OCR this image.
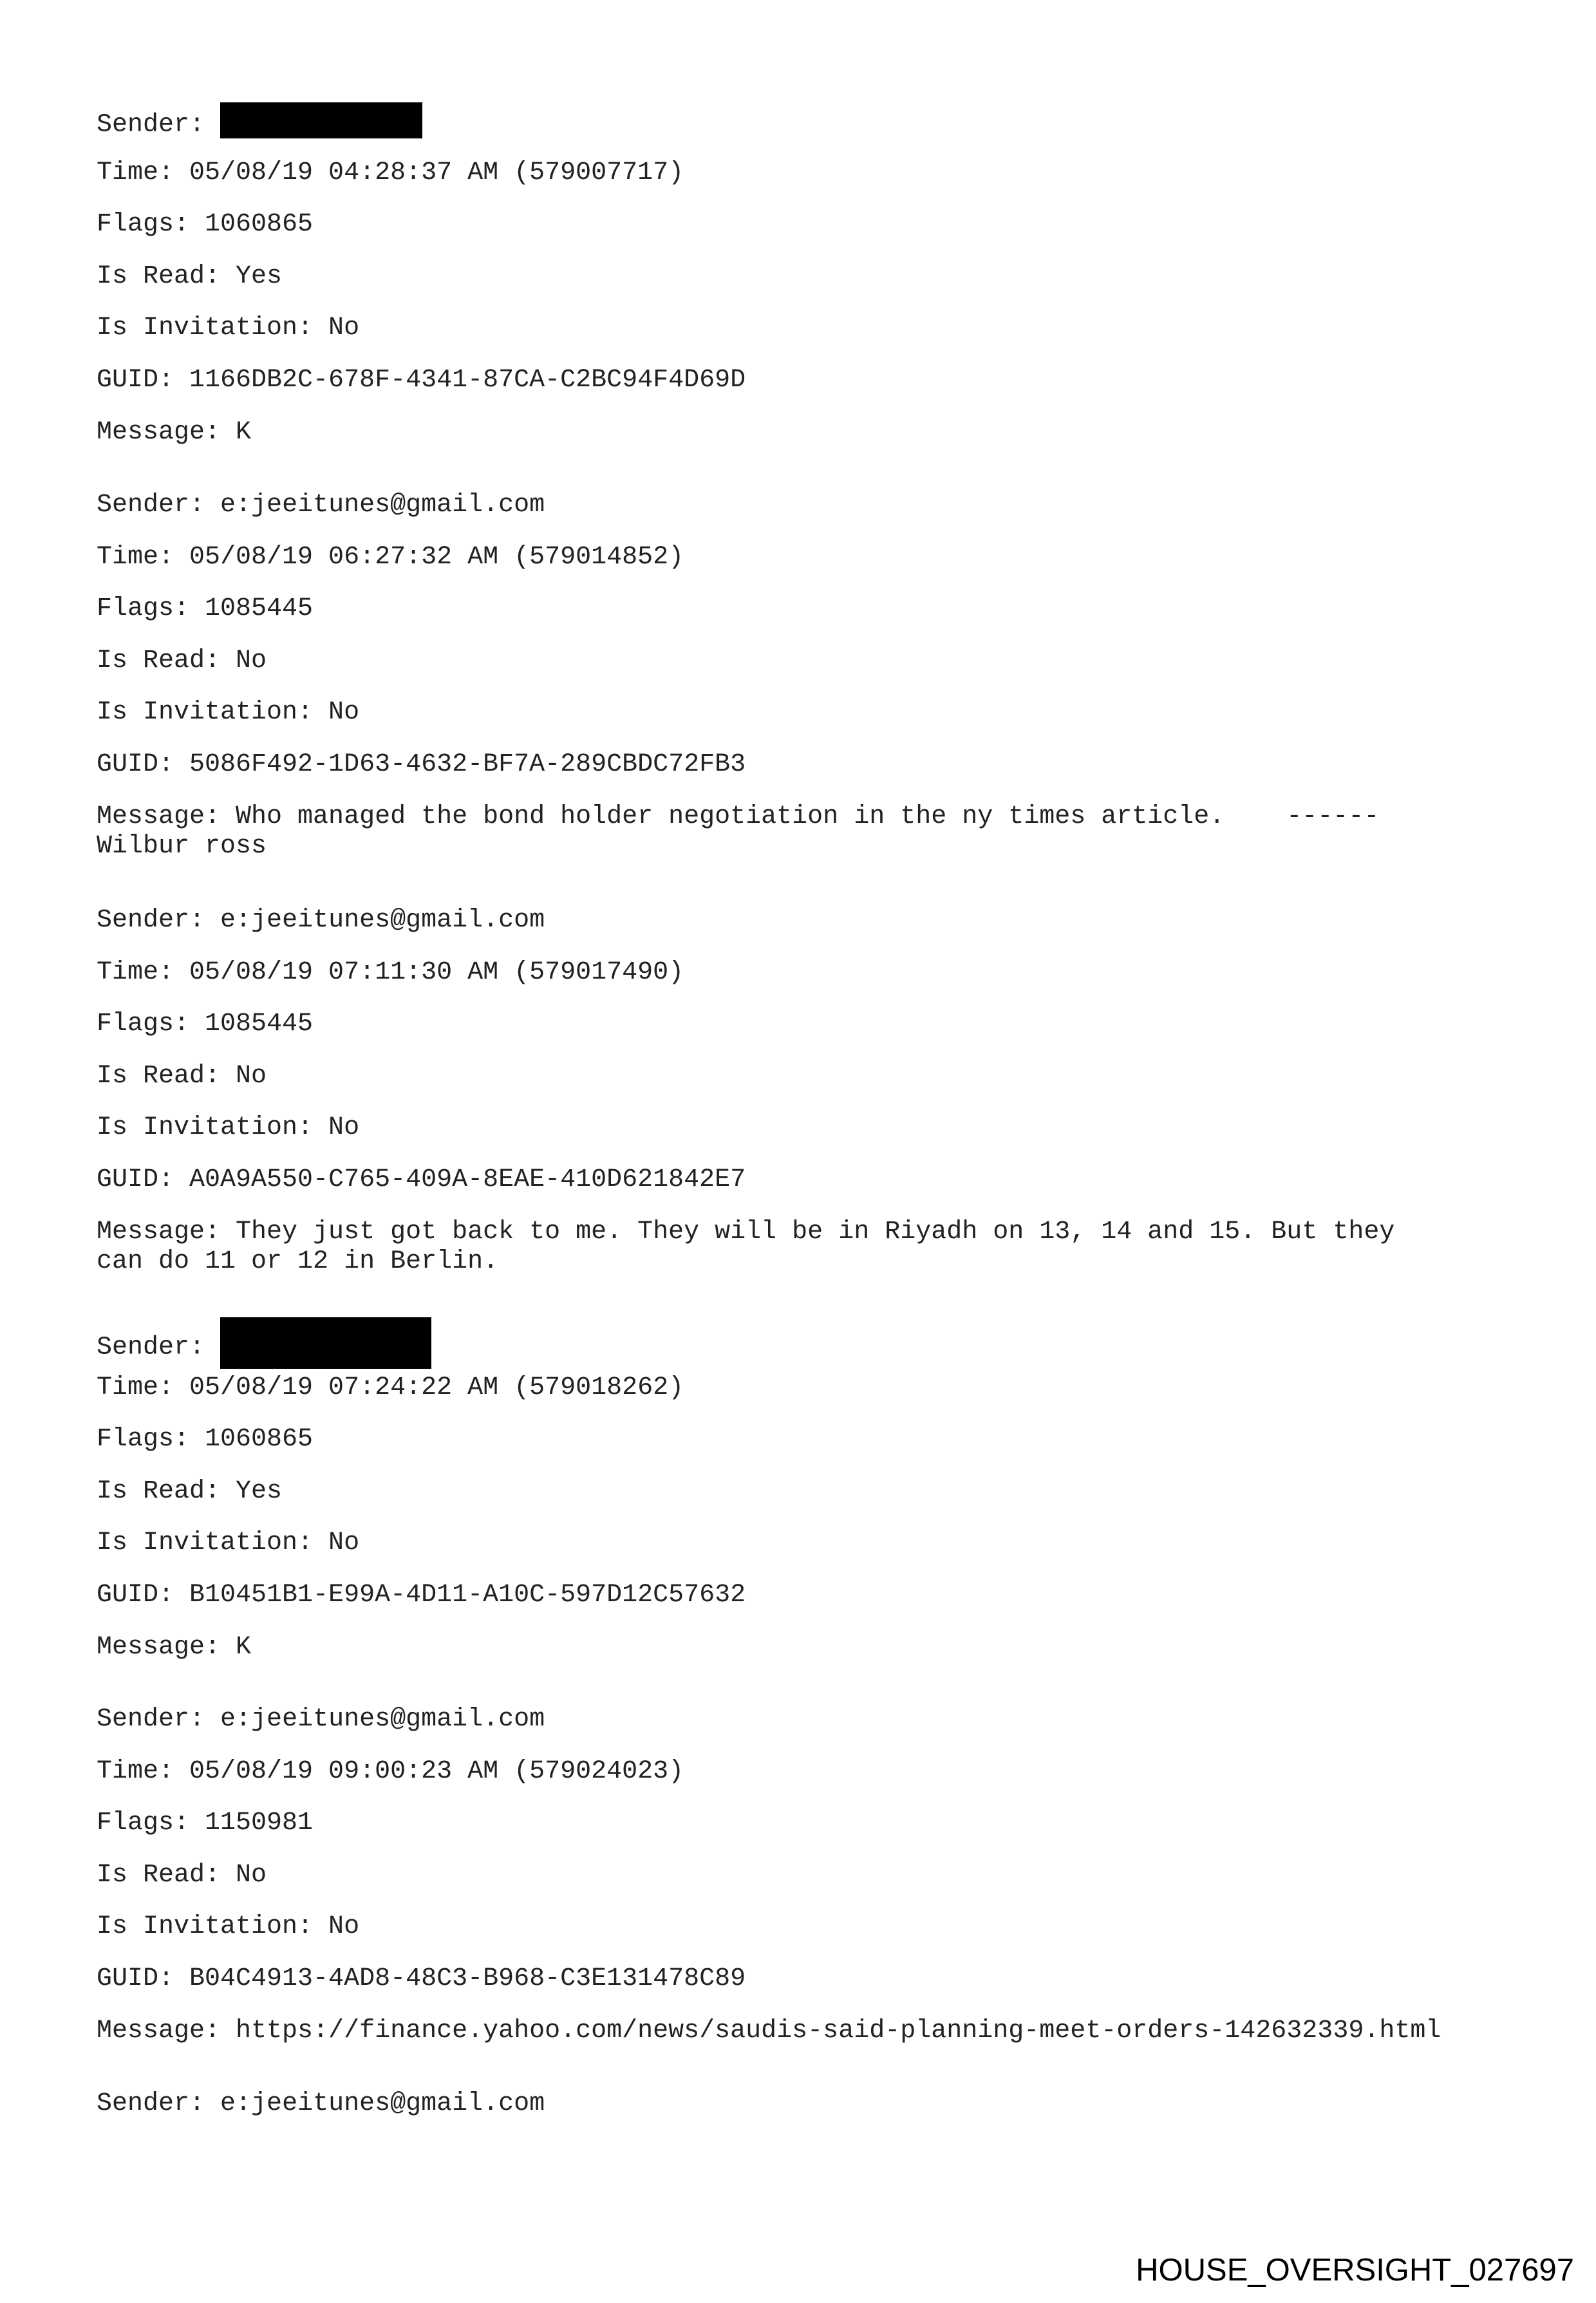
Sender:
Time: 05/08/19 04:28:37 AM (579007717)
Flags: 1060865
Is Read: Yes
Is Invitation: No
GUID: 1166DB2C-678F-4341-87CA-C2BC94F4D69D
Message: K
Sender: e:jeeitunes@gmail.com
Time: 05/08/19 06:27:32 AM (579014852)
Flags: 1085445
Is Read: No
Is Invitation: No
GUID: 5086F492-1D63-4632-BF7A-289CBDC72FB3
Message: Who managed the bond holder negotiation in the ny times article.    ------
Wilbur ross
Sender: e:jeeitunes@gmail.com
Time: 05/08/19 07:11:30 AM (579017490)
Flags: 1085445
Is Read: No
Is Invitation: No
GUID: A0A9A550-C765-409A-8EAE-410D621842E7
Message: They just got back to me. They will be in Riyadh on 13, 14 and 15. But they
can do 11 or 12 in Berlin.
Sender:
Time: 05/08/19 07:24:22 AM (579018262)
Flags: 1060865
Is Read: Yes
Is Invitation: No
GUID: B10451B1-E99A-4D11-A10C-597D12C57632
Message: K
Sender: e:jeeitunes@gmail.com
Time: 05/08/19 09:00:23 AM (579024023)
Flags: 1150981
Is Read: No
Is Invitation: No
GUID: B04C4913-4AD8-48C3-B968-C3E131478C89
Message: https://finance.yahoo.com/news/saudis-said-planning-meet-orders-142632339.html
Sender: e:jeeitunes@gmail.com
HOUSE_OVERSIGHT_027697
